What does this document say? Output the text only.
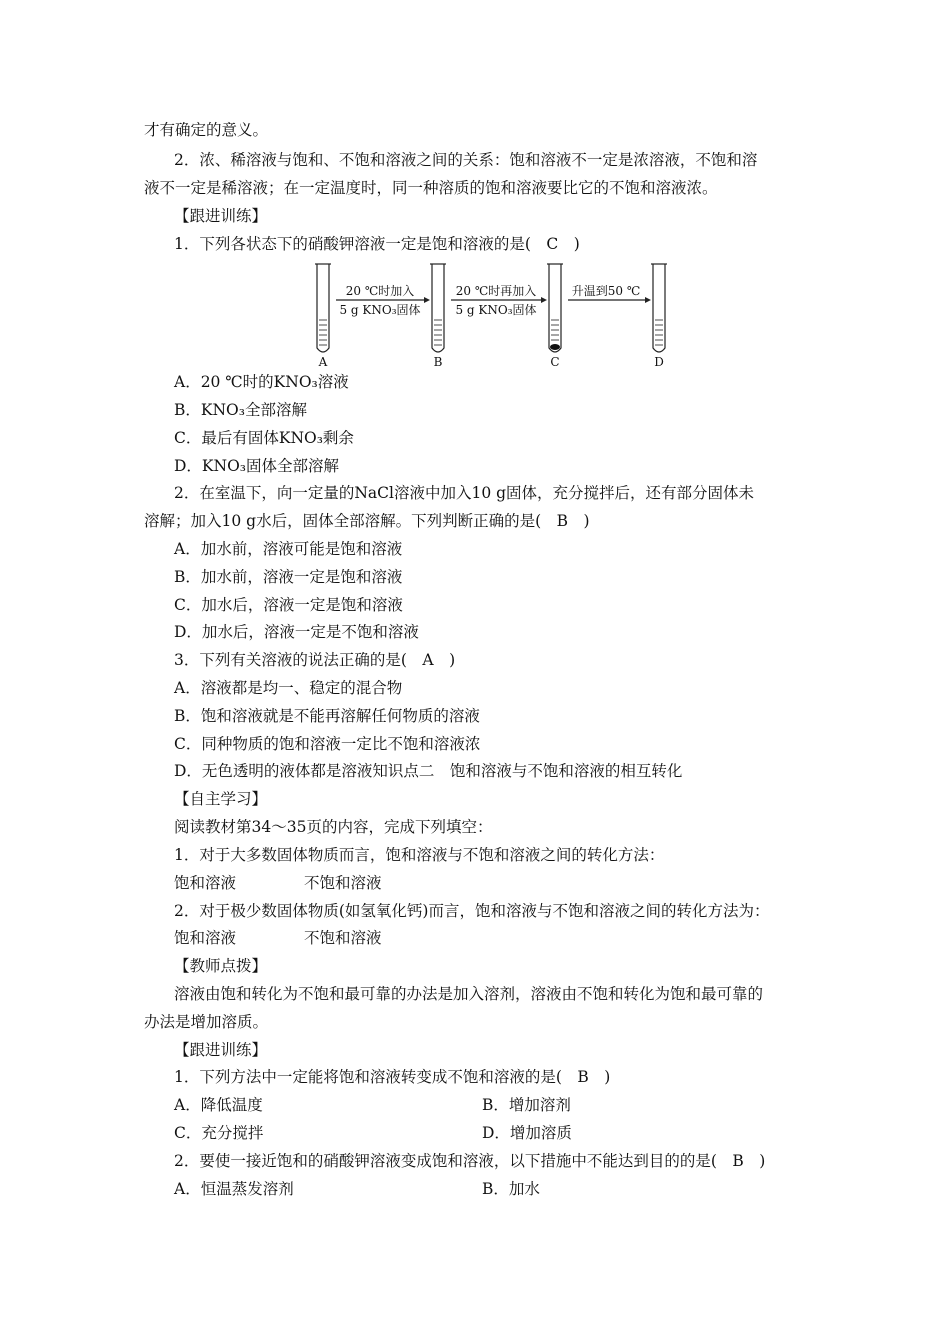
才有确定的意义。
2．浓、稀溶液与饱和、不饱和溶液之间的关系：饱和溶液不一定是浓溶液，不饱和溶
液不一定是稀溶液；在一定温度时，同一种溶质的饱和溶液要比它的不饱和溶液浓。
【跟进训练】
1．下列各状态下的硝酸钾溶液一定是饱和溶液的是(　C　)
20 ℃时加入
5 g KNO₃固体
20 ℃时再加入
5 g KNO₃固体
升温到50 ℃
A	B	C	D
A．20 ℃时的KNO₃溶液
B．KNO₃全部溶解
C．最后有固体KNO₃剩余
D．KNO₃固体全部溶解
2．在室温下，向一定量的NaCl溶液中加入10 g固体，充分搅拌后，还有部分固体未
溶解；加入10 g水后，固体全部溶解。下列判断正确的是(　B　)
A．加水前，溶液可能是饱和溶液
B．加水前，溶液一定是饱和溶液
C．加水后，溶液一定是饱和溶液
D．加水后，溶液一定是不饱和溶液
3．下列有关溶液的说法正确的是(　A　)
A．溶液都是均一、稳定的混合物
B．饱和溶液就是不能再溶解任何物质的溶液
C．同种物质的饱和溶液一定比不饱和溶液浓
D．无色透明的液体都是溶液知识点二　饱和溶液与不饱和溶液的相互转化
【自主学习】
阅读教材第34～35页的内容，完成下列填空：
1．对于大多数固体物质而言，饱和溶液与不饱和溶液之间的转化方法：
饱和溶液	不饱和溶液
2．对于极少数固体物质(如氢氧化钙)而言，饱和溶液与不饱和溶液之间的转化方法为：
饱和溶液	不饱和溶液
【教师点拨】
溶液由饱和转化为不饱和最可靠的办法是加入溶剂，溶液由不饱和转化为饱和最可靠的
办法是增加溶质。
【跟进训练】
1．下列方法中一定能将饱和溶液转变成不饱和溶液的是(　B　)
A．降低温度	B．增加溶剂
C．充分搅拌	D．增加溶质
2．要使一接近饱和的硝酸钾溶液变成饱和溶液，以下措施中不能达到目的的是(　B　)
A．恒温蒸发溶剂	B．加水
